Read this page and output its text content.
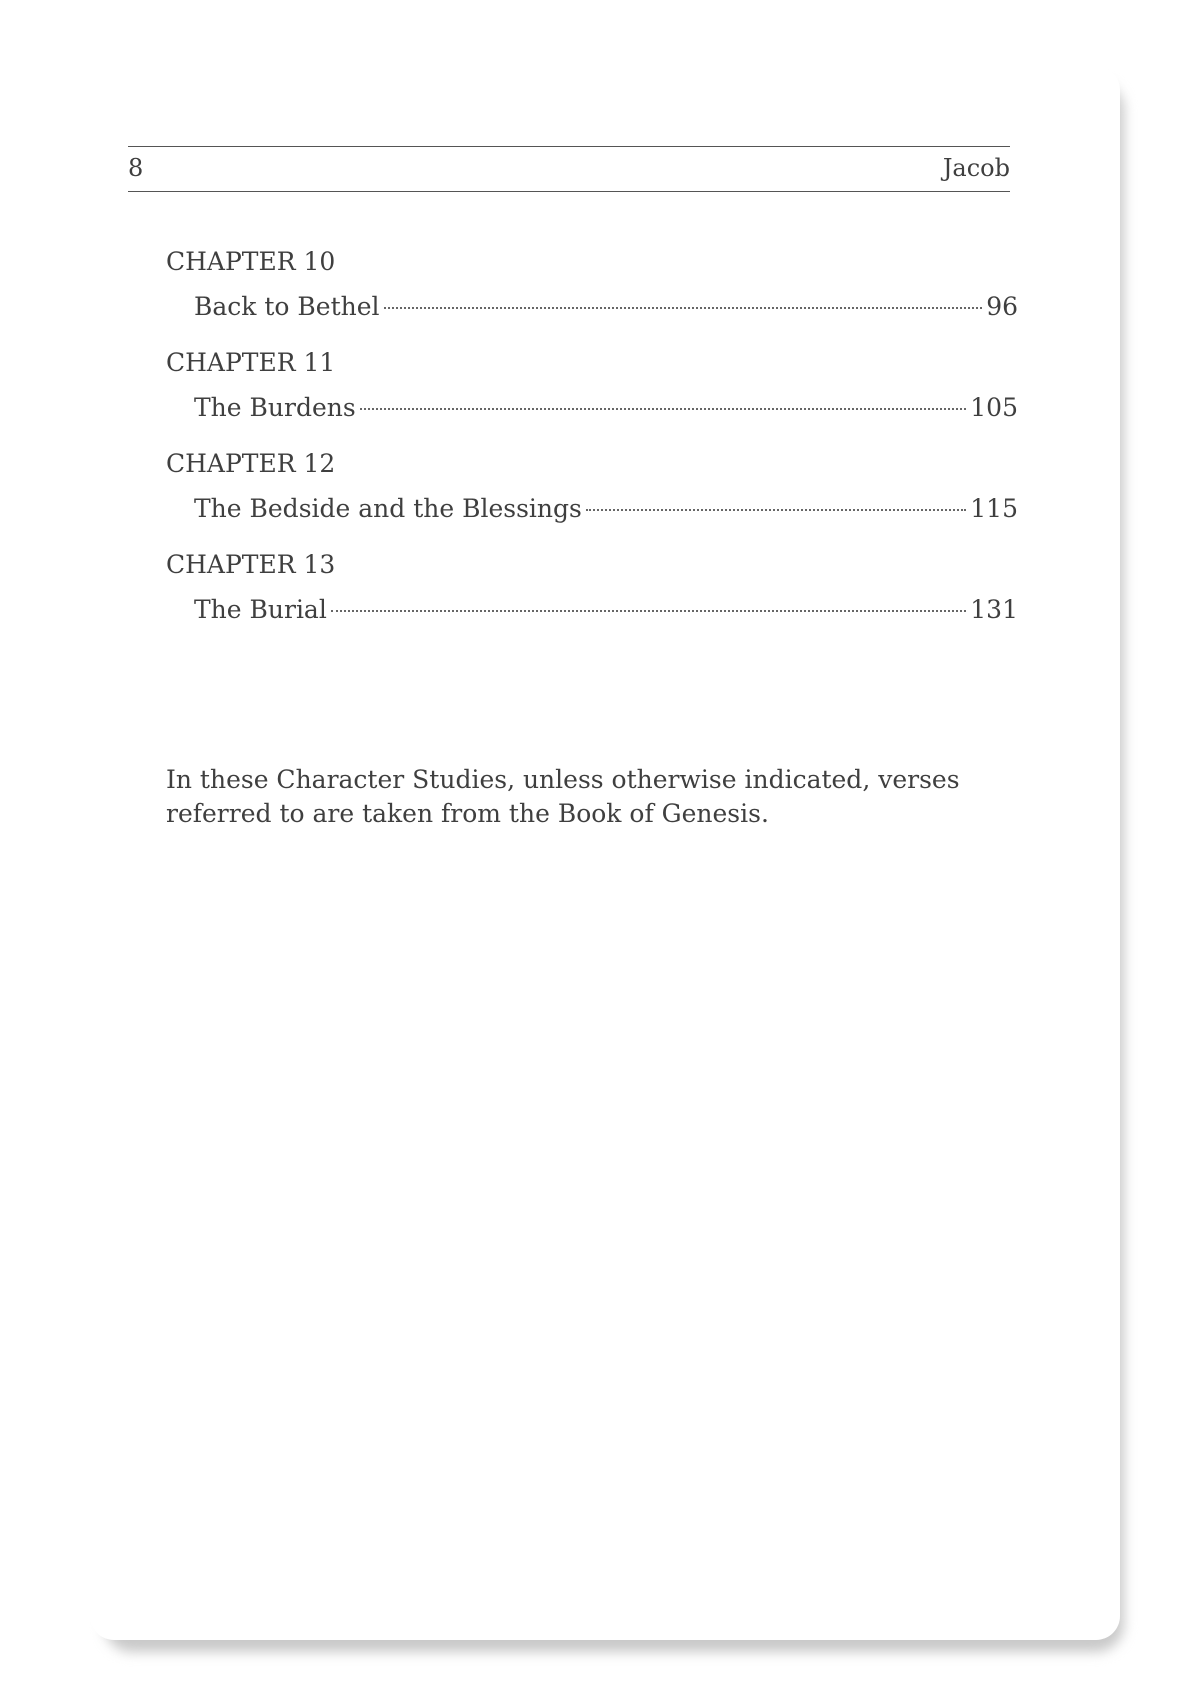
8	Jacob
CHAPTER 10
Back to Bethel	96
CHAPTER 11
The Burdens	105
CHAPTER 12
The Bedside and the Blessings	115
CHAPTER 13
The Burial	131

In these Character Studies, unless otherwise indicated, verses referred to are taken from the Book of Genesis.
